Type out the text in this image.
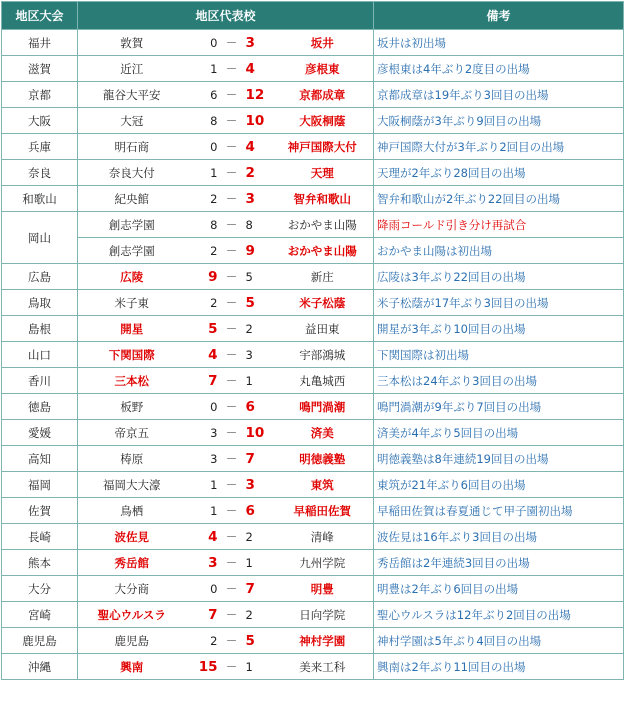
地区大会	地区代表校					備考
福井	敦賀	0	－	3	坂井	坂井は初出場
滋賀	近江	1	－	4	彦根東	彦根東は4年ぶり2度目の出場
京都	龍谷大平安	6	－	12	京都成章	京都成章は19年ぶり3回目の出場
大阪	大冠	8	－	10	大阪桐蔭	大阪桐蔭が3年ぶり9回目の出場
兵庫	明石商	0	－	4	神戸国際大付	神戸国際大付が3年ぶり2回目の出場
奈良	奈良大付	1	－	2	天理	天理が2年ぶり28回目の出場
和歌山	紀央館	2	－	3	智弁和歌山	智弁和歌山が2年ぶり22回目の出場
岡山	創志学園	8	－	8	おかやま山陽	降雨コールド引き分け再試合
	創志学園	2	－	9	おかやま山陽	おかやま山陽は初出場
広島	広陵	9	－	5	新庄	広陵は3年ぶり22回目の出場
鳥取	米子東	2	－	5	米子松蔭	米子松蔭が17年ぶり3回目の出場
島根	開星	5	－	2	益田東	開星が3年ぶり10回目の出場
山口	下関国際	4	－	3	宇部鴻城	下関国際は初出場
香川	三本松	7	－	1	丸亀城西	三本松は24年ぶり3回目の出場
徳島	板野	0	－	6	鳴門渦潮	鳴門渦潮が9年ぶり7回目の出場
愛媛	帝京五	3	－	10	済美	済美が4年ぶり5回目の出場
高知	梼原	3	－	7	明徳義塾	明徳義塾は8年連続19回目の出場
福岡	福岡大大濠	1	－	3	東筑	東筑が21年ぶり6回目の出場
佐賀	鳥栖	1	－	6	早稲田佐賀	早稲田佐賀は春夏通じて甲子園初出場
長崎	波佐見	4	－	2	清峰	波佐見は16年ぶり3回目の出場
熊本	秀岳館	3	－	1	九州学院	秀岳館は2年連続3回目の出場
大分	大分商	0	－	7	明豊	明豊は2年ぶり6回目の出場
宮崎	聖心ウルスラ	7	－	2	日向学院	聖心ウルスラは12年ぶり2回目の出場
鹿児島	鹿児島	2	－	5	神村学園	神村学園は5年ぶり4回目の出場
沖縄	興南	15	－	1	美来工科	興南は2年ぶり11回目の出場
